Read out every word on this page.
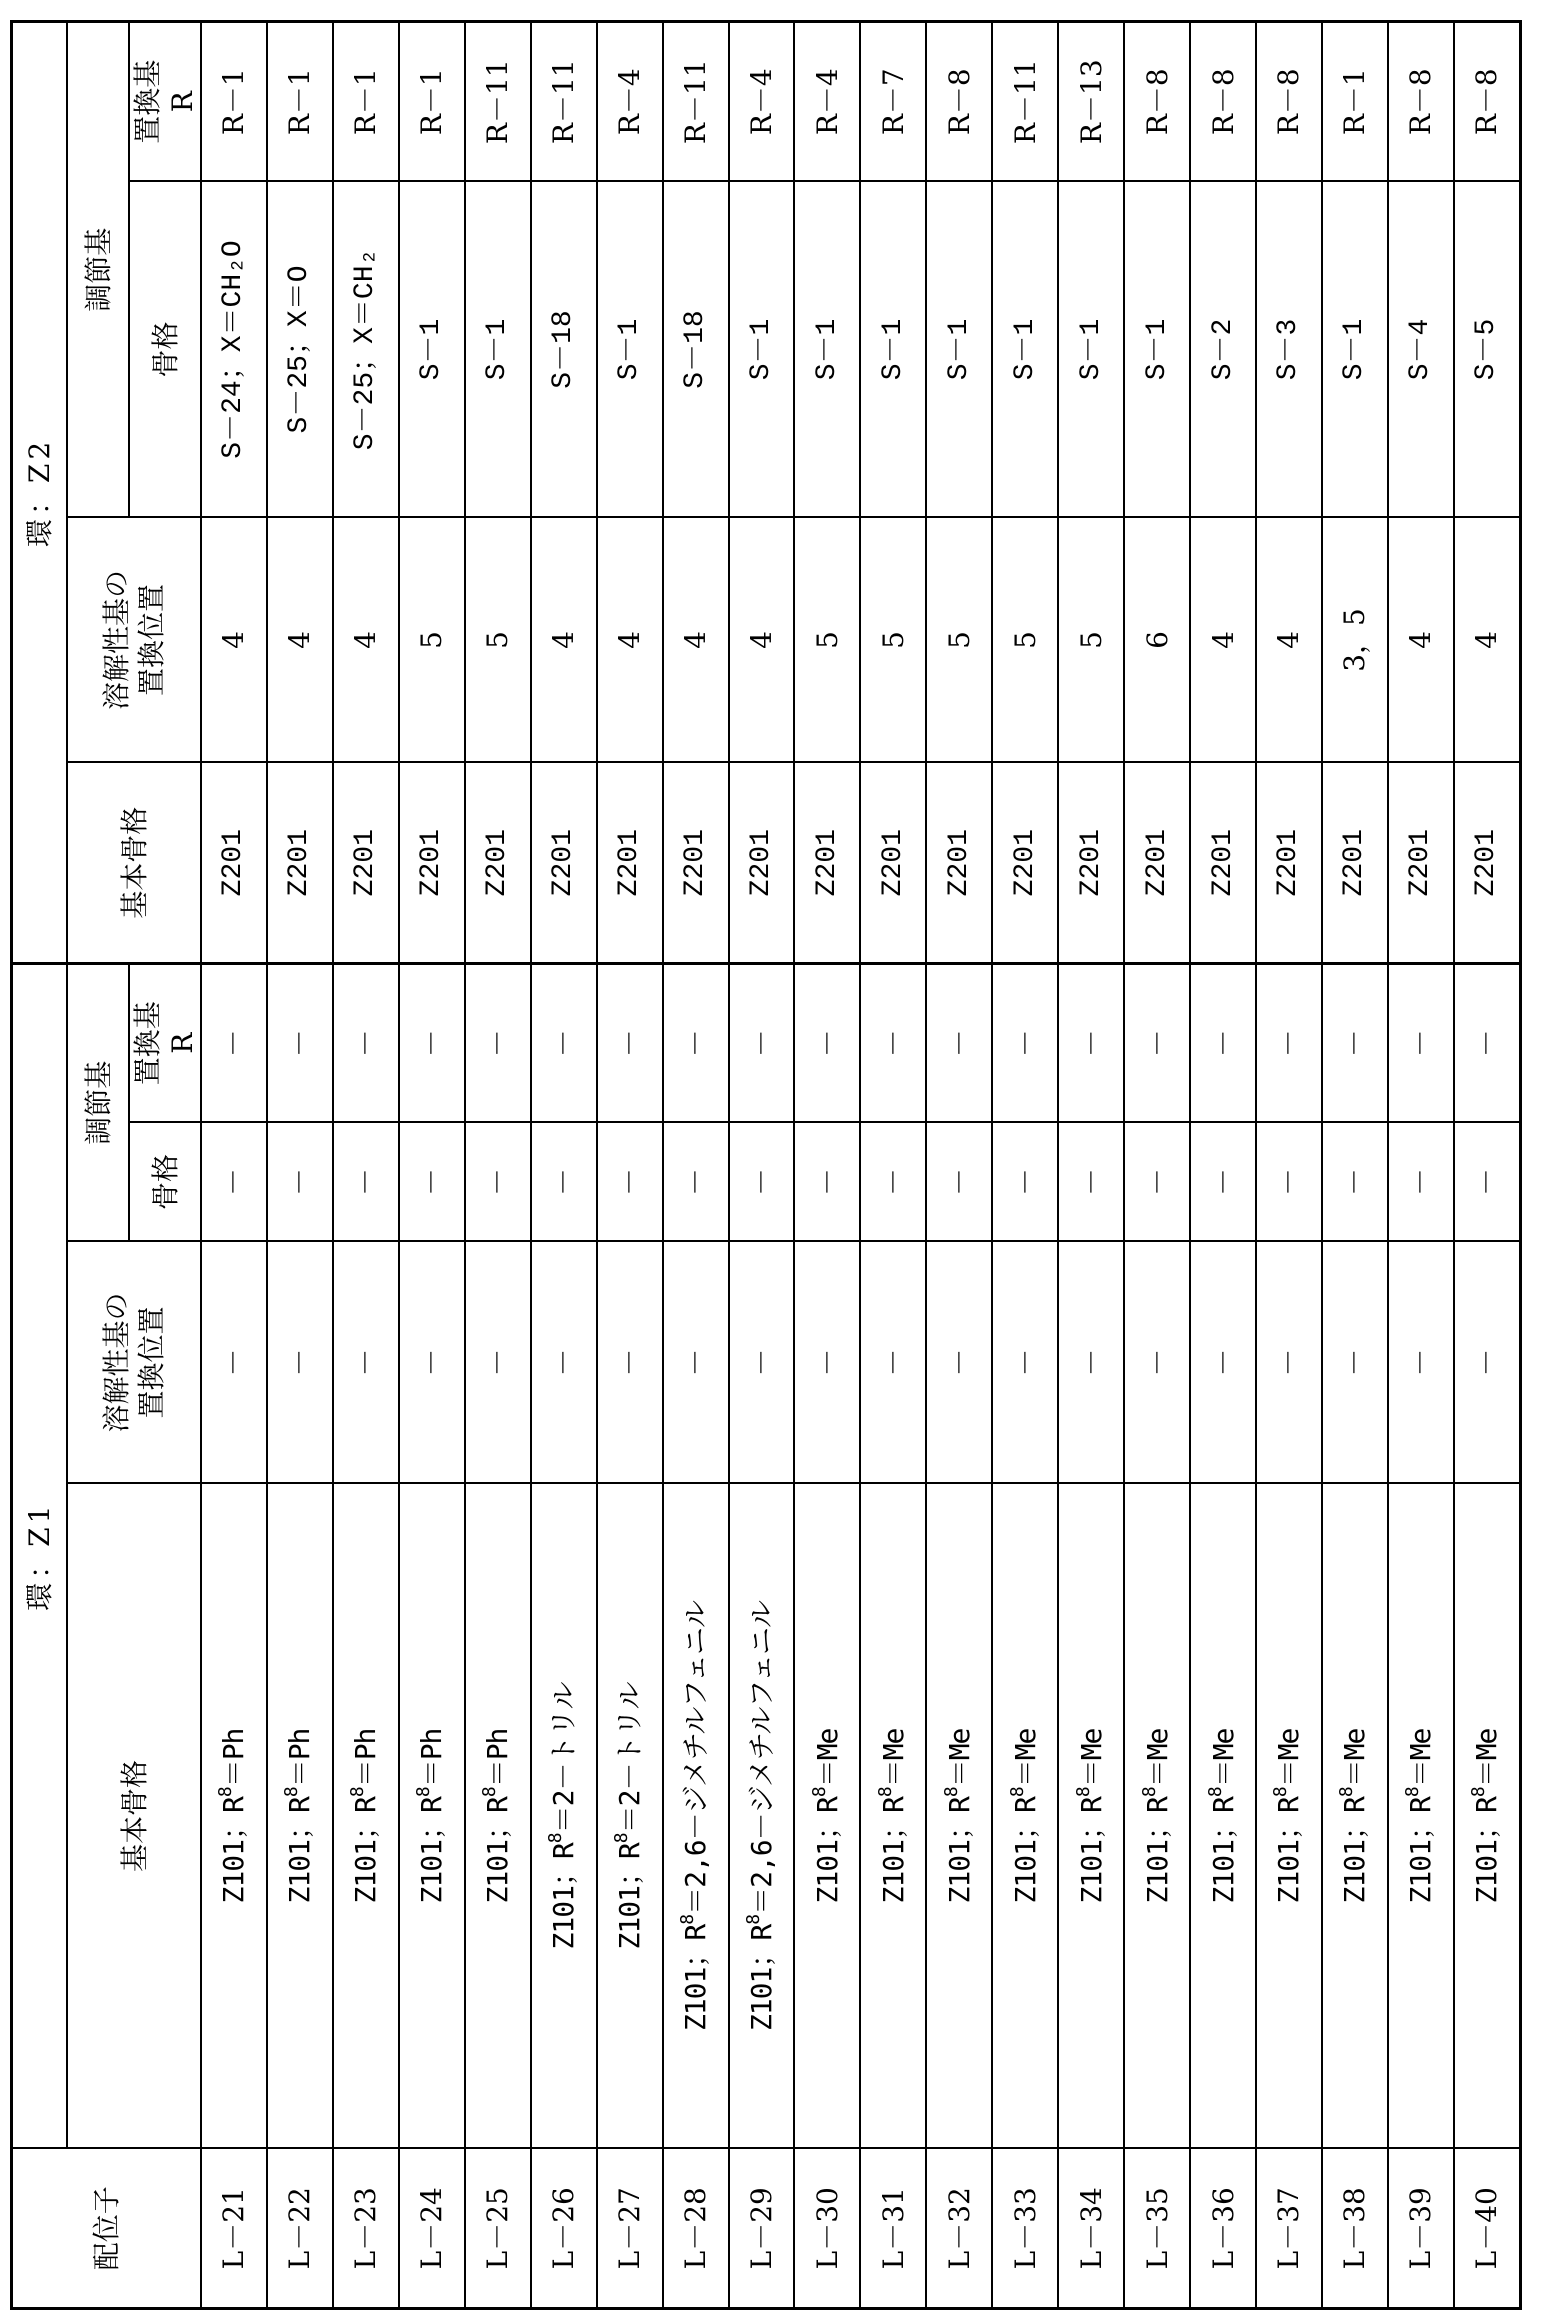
配位子	環：Z1				環：Z2			
	基本骨格	溶解性基の
置換位置	調節基		基本骨格	溶解性基の
置換位置	調節基	
			骨格	置換基
R			骨格	置換基
R
L－21	Z101；$R^8=Ph$	－	－	－	Z201	4	S－24；X＝CH₂O	R－1
L－22	Z101；$R^8=Ph$	－	－	－	Z201	4	S－25；X＝O	R－1
L－23	Z101；$R^8=Ph$	－	－	－	Z201	4	S－25；X＝CH₂	R－1
L－24	Z101；$R^8=Ph$	－	－	－	Z201	5	S－1	R－1
L－25	Z101；$R^8=Ph$	－	－	－	Z201	5	S－1	R－11
L－26	Z101；$R^8=2-$トリル	－	－	－	Z201	4	S－18	R－11
L－27	Z101；$R^8=2-$トリル	－	－	－	Z201	4	S－1	R－4
L－28	Z101；$R^8=2,6-$ジメチルフェニル	－	－	－	Z201	4	S－18	R－11
L－29	Z101；$R^8=2,6-$ジメチルフェニル	－	－	－	Z201	4	S－1	R－4
L－30	Z101；$R^8=Me$	－	－	－	Z201	5	S－1	R－4
L－31	Z101；$R^8=Me$	－	－	－	Z201	5	S－1	R－7
L－32	Z101；$R^8=Me$	－	－	－	Z201	5	S－1	R－8
L－33	Z101；$R^8=Me$	－	－	－	Z201	5	S－1	R－11
L－34	Z101；$R^8=Me$	－	－	－	Z201	5	S－1	R－13
L－35	Z101；$R^8=Me$	－	－	－	Z201	6	S－1	R－8
L－36	Z101；$R^8=Me$	－	－	－	Z201	4	S－2	R－8
L－37	Z101；$R^8=Me$	－	－	－	Z201	4	S－3	R－8
L－38	Z101；$R^8=Me$	－	－	－	Z201	3，5	S－1	R－1
L－39	Z101；$R^8=Me$	－	－	－	Z201	4	S－4	R－8
L－40	Z101；$R^8=Me$	－	－	－	Z201	4	S－5	R－8
